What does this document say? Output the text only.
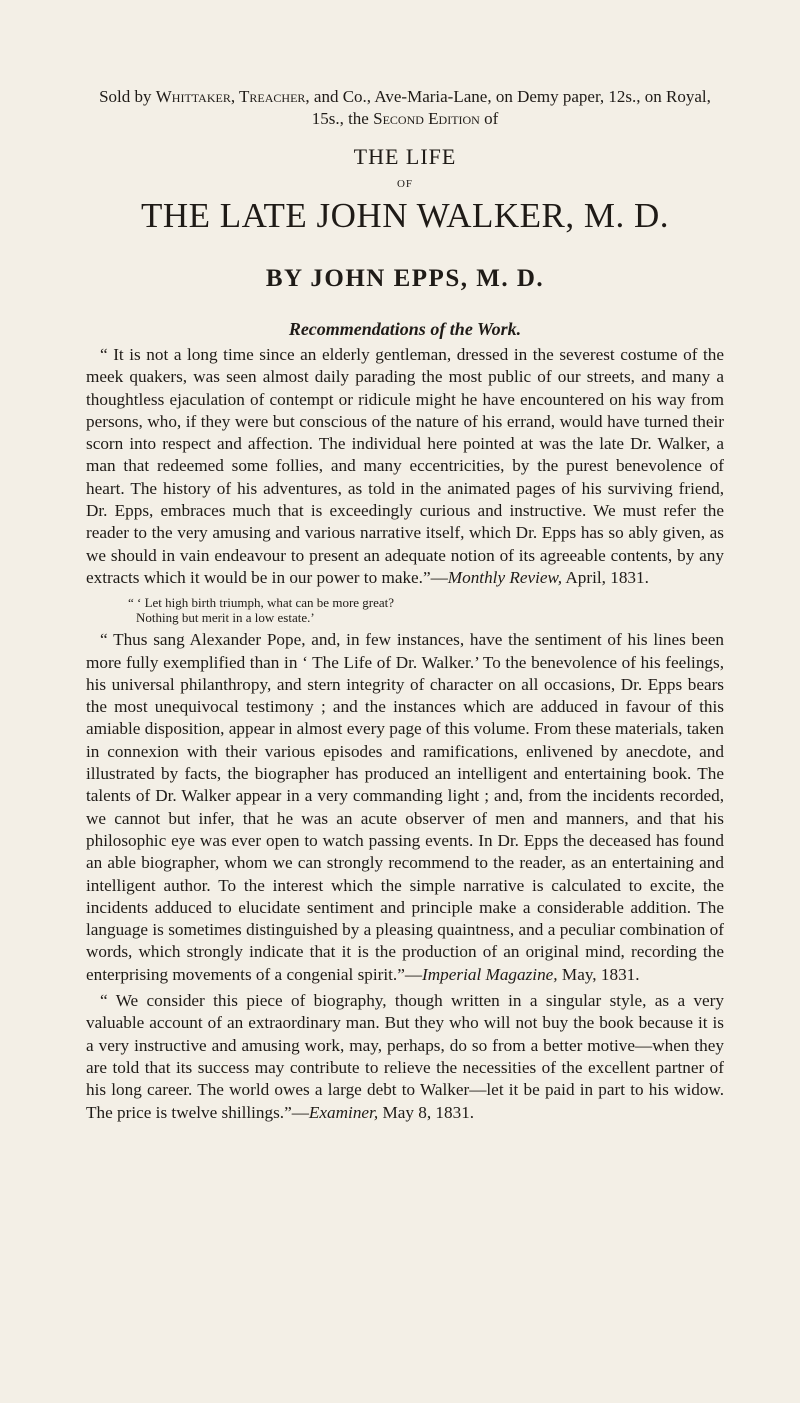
Sold by Whittaker, Treacher, and Co., Ave-Maria-Lane, on Demy paper, 12s., on Royal, 15s., the Second Edition of

THE LIFE
OF
THE LATE JOHN WALKER, M. D.
BY JOHN EPPS, M. D.
Recommendations of the Work.

“ It is not a long time since an elderly gentleman, dressed in the severest costume of the meek quakers, was seen almost daily parading the most public of our streets, and many a thoughtless ejaculation of contempt or ridicule might he have encountered on his way from persons, who, if they were but conscious of the nature of his errand, would have turned their scorn into respect and affection. The individual here pointed at was the late Dr. Walker, a man that redeemed some follies, and many eccentricities, by the purest benevolence of heart. The history of his adventures, as told in the animated pages of his surviving friend, Dr. Epps, embraces much that is exceedingly curious and instructive. We must refer the reader to the very amusing and various narrative itself, which Dr. Epps has so ably given, as we should in vain endeavour to present an adequate notion of its agreeable contents, by any extracts which it would be in our power to make.”—Monthly Review, April, 1831.

“ ‘ Let high birth triumph, what can be more great?
Nothing but merit in a low estate.’

“ Thus sang Alexander Pope, and, in few instances, have the sentiment of his lines been more fully exemplified than in ‘ The Life of Dr. Walker.’ To the benevolence of his feelings, his universal philanthropy, and stern integrity of character on all occasions, Dr. Epps bears the most unequivocal testimony ; and the instances which are adduced in favour of this amiable disposition, appear in almost every page of this volume. From these materials, taken in connexion with their various episodes and ramifications, enlivened by anecdote, and illustrated by facts, the biographer has produced an intelligent and entertaining book. The talents of Dr. Walker appear in a very commanding light ; and, from the incidents recorded, we cannot but infer, that he was an acute observer of men and manners, and that his philosophic eye was ever open to watch passing events. In Dr. Epps the deceased has found an able biographer, whom we can strongly recommend to the reader, as an entertaining and intelligent author. To the interest which the simple narrative is calculated to excite, the incidents adduced to elucidate sentiment and principle make a considerable addition. The language is sometimes distinguished by a pleasing quaintness, and a peculiar combination of words, which strongly indicate that it is the production of an original mind, recording the enterprising movements of a congenial spirit.”—Imperial Magazine, May, 1831.

“ We consider this piece of biography, though written in a singular style, as a very valuable account of an extraordinary man. But they who will not buy the book because it is a very instructive and amusing work, may, perhaps, do so from a better motive—when they are told that its success may contribute to relieve the necessities of the excellent partner of his long career. The world owes a large debt to Walker—let it be paid in part to his widow. The price is twelve shillings.”—Examiner, May 8, 1831.
